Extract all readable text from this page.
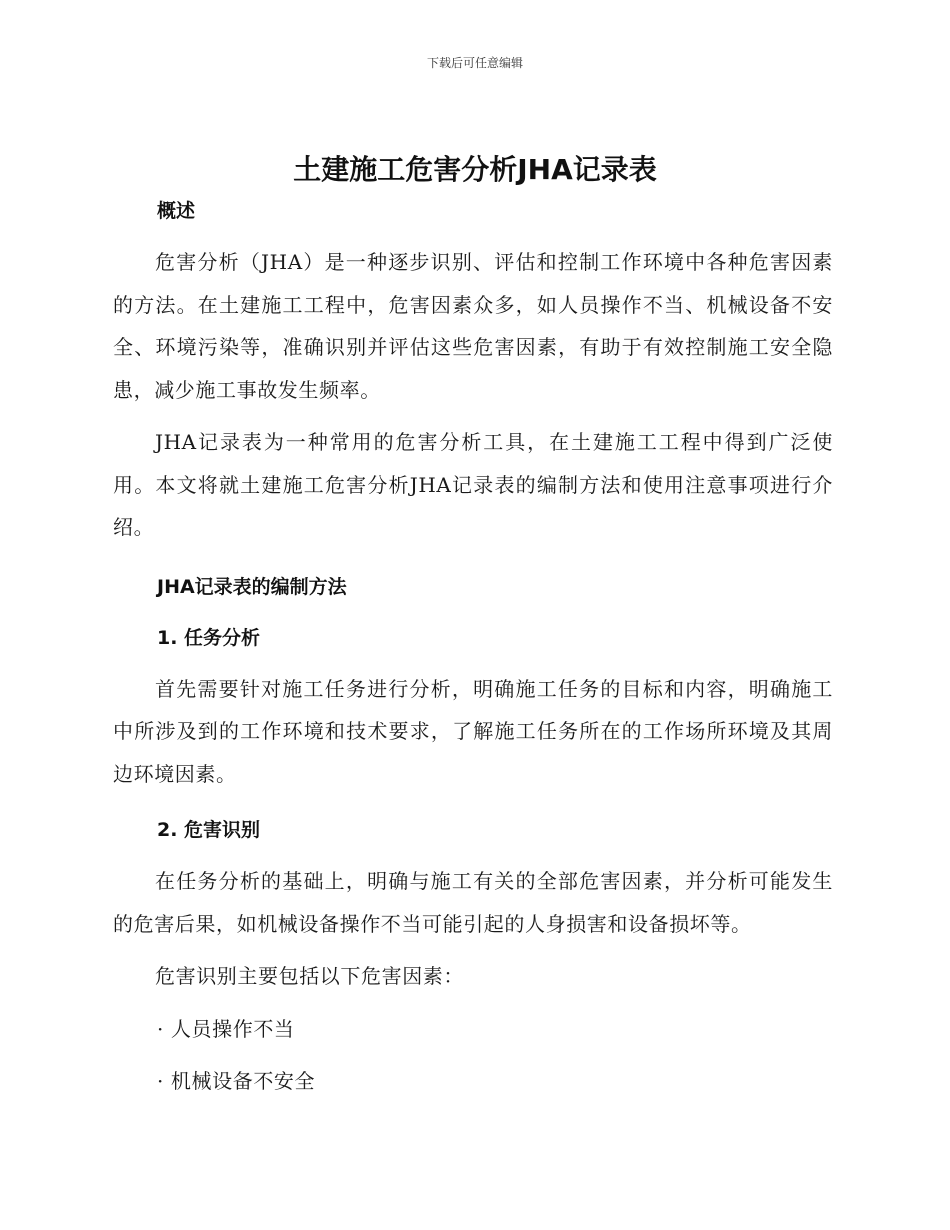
下载后可任意编辑
土建施工危害分析JHA记录表

概述

危害分析（JHA）是一种逐步识别、评估和控制工作环境中各种危害因素的方法。在土建施工工程中，危害因素众多，如人员操作不当、机械设备不安全、环境污染等，准确识别并评估这些危害因素，有助于有效控制施工安全隐患，减少施工事故发生频率。

JHA记录表为一种常用的危害分析工具，在土建施工工程中得到广泛使用。本文将就土建施工危害分析JHA记录表的编制方法和使用注意事项进行介绍。

JHA记录表的编制方法

1. 任务分析

首先需要针对施工任务进行分析，明确施工任务的目标和内容，明确施工中所涉及到的工作环境和技术要求，了解施工任务所在的工作场所环境及其周边环境因素。

2. 危害识别

在任务分析的基础上，明确与施工有关的全部危害因素，并分析可能发生的危害后果，如机械设备操作不当可能引起的人身损害和设备损坏等。

危害识别主要包括以下危害因素：

· 人员操作不当

· 机械设备不安全
